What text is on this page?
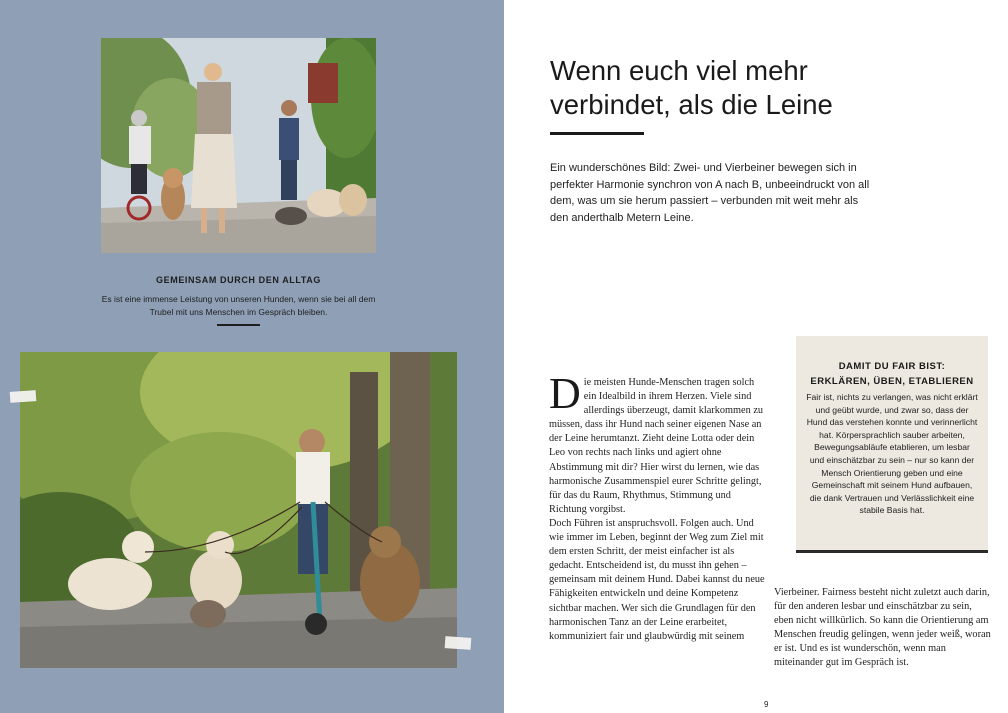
GEMEINSAM DURCH DEN ALLTAG
Es ist eine immense Leistung von unseren Hunden, wenn sie bei all dem Trubel mit uns Menschen im Gespräch bleiben.
Wenn euch viel mehr
verbindet, als die Leine
Ein wunderschönes Bild: Zwei- und Vierbeiner bewegen sich in perfekter Harmonie synchron von A nach B, unbeeindruckt von all dem, was um sie herum passiert – verbunden mit weit mehr als den anderthalb Metern Leine.
Die meisten Hunde-Menschen tragen solch ein Idealbild in ihrem Herzen. Viele sind allerdings überzeugt, damit klarkommen zu müssen, dass ihr Hund nach seiner eigenen Nase an der Leine herumtanzt. Zieht deine Lotta oder dein Leo von rechts nach links und agiert ohne Abstimmung mit dir? Hier wirst du lernen, wie das harmonische Zusammenspiel eurer Schritte gelingt, für das du Raum, Rhythmus, Stimmung und Richtung vorgibst.
Doch Führen ist anspruchsvoll. Folgen auch. Und wie immer im Leben, beginnt der Weg zum Ziel mit dem ersten Schritt, der meist einfacher ist als gedacht. Entscheidend ist, du musst ihn gehen – gemeinsam mit deinem Hund. Dabei kannst du neue Fähigkeiten entwickeln und deine Kompetenz sichtbar machen. Wer sich die Grundlagen für den harmonischen Tanz an der Leine erarbeitet, kommuniziert fair und glaubwürdig mit seinem
DAMIT DU FAIR BIST:
ERKLÄREN, ÜBEN, ETABLIEREN
Fair ist, nichts zu verlangen, was nicht erklärt und geübt wurde, und zwar so, dass der Hund das verstehen konnte und verinnerlicht hat. Körpersprachlich sauber arbeiten, Bewegungsabläufe etablieren, um lesbar und einschätzbar zu sein – nur so kann der Mensch Orientierung geben und eine Gemeinschaft mit seinem Hund aufbauen, die dank Vertrauen und Verlässlichkeit eine stabile Basis hat.
Vierbeiner. Fairness besteht nicht zuletzt auch darin, für den anderen lesbar und einschätzbar zu sein, eben nicht willkürlich. So kann die Orientierung am Menschen freudig gelingen, wenn jeder weiß, woran er ist. Und es ist wunderschön, wenn man miteinander gut im Gespräch ist.
9
